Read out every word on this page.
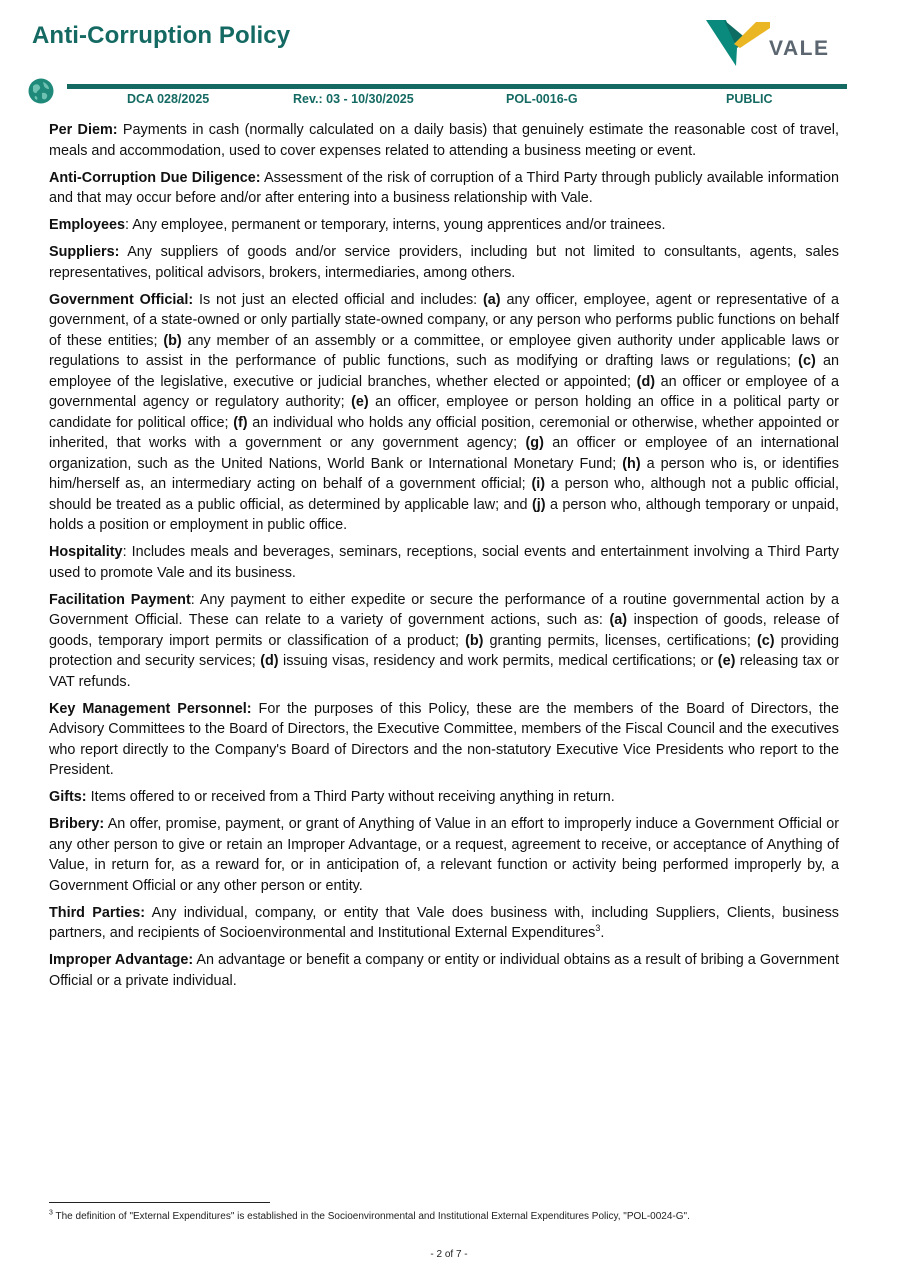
Anti-Corruption Policy	VALE
DCA 028/2025	Rev.: 03 - 10/30/2025	POL-0016-G	PUBLIC

Per Diem: Payments in cash (normally calculated on a daily basis) that genuinely estimate the reasonable cost of travel, meals and accommodation, used to cover expenses related to attending a business meeting or event.

Anti-Corruption Due Diligence: Assessment of the risk of corruption of a Third Party through publicly available information and that may occur before and/or after entering into a business relationship with Vale.

Employees: Any employee, permanent or temporary, interns, young apprentices and/or trainees.

Suppliers: Any suppliers of goods and/or service providers, including but not limited to consultants, agents, sales representatives, political advisors, brokers, intermediaries, among others.

Government Official: Is not just an elected official and includes: (a) any officer, employee, agent or representative of a government, of a state-owned or only partially state-owned company, or any person who performs public functions on behalf of these entities; (b) any member of an assembly or a committee, or employee given authority under applicable laws or regulations to assist in the performance of public functions, such as modifying or drafting laws or regulations; (c) an employee of the legislative, executive or judicial branches, whether elected or appointed; (d) an officer or employee of a governmental agency or regulatory authority; (e) an officer, employee or person holding an office in a political party or candidate for political office; (f) an individual who holds any official position, ceremonial or otherwise, whether appointed or inherited, that works with a government or any government agency; (g) an officer or employee of an international organization, such as the United Nations, World Bank or International Monetary Fund; (h) a person who is, or identifies him/herself as, an intermediary acting on behalf of a government official; (i) a person who, although not a public official, should be treated as a public official, as determined by applicable law; and (j) a person who, although temporary or unpaid, holds a position or employment in public office.

Hospitality: Includes meals and beverages, seminars, receptions, social events and entertainment involving a Third Party used to promote Vale and its business.

Facilitation Payment: Any payment to either expedite or secure the performance of a routine governmental action by a Government Official. These can relate to a variety of government actions, such as: (a) inspection of goods, release of goods, temporary import permits or classification of a product; (b) granting permits, licenses, certifications; (c) providing protection and security services; (d) issuing visas, residency and work permits, medical certifications; or (e) releasing tax or VAT refunds.

Key Management Personnel: For the purposes of this Policy, these are the members of the Board of Directors, the Advisory Committees to the Board of Directors, the Executive Committee, members of the Fiscal Council and the executives who report directly to the Company's Board of Directors and the non-statutory Executive Vice Presidents who report to the President.

Gifts: Items offered to or received from a Third Party without receiving anything in return.

Bribery: An offer, promise, payment, or grant of Anything of Value in an effort to improperly induce a Government Official or any other person to give or retain an Improper Advantage, or a request, agreement to receive, or acceptance of Anything of Value, in return for, as a reward for, or in anticipation of, a relevant function or activity being performed improperly by, a Government Official or any other person or entity.

Third Parties: Any individual, company, or entity that Vale does business with, including Suppliers, Clients, business partners, and recipients of Socioenvironmental and Institutional External Expenditures$^3$.

Improper Advantage: An advantage or benefit a company or entity or individual obtains as a result of bribing a Government Official or a private individual.

$^3$ The definition of "External Expenditures" is established in the Socioenvironmental and Institutional External Expenditures Policy, "POL-0024-G".
- 2 of 7 -
